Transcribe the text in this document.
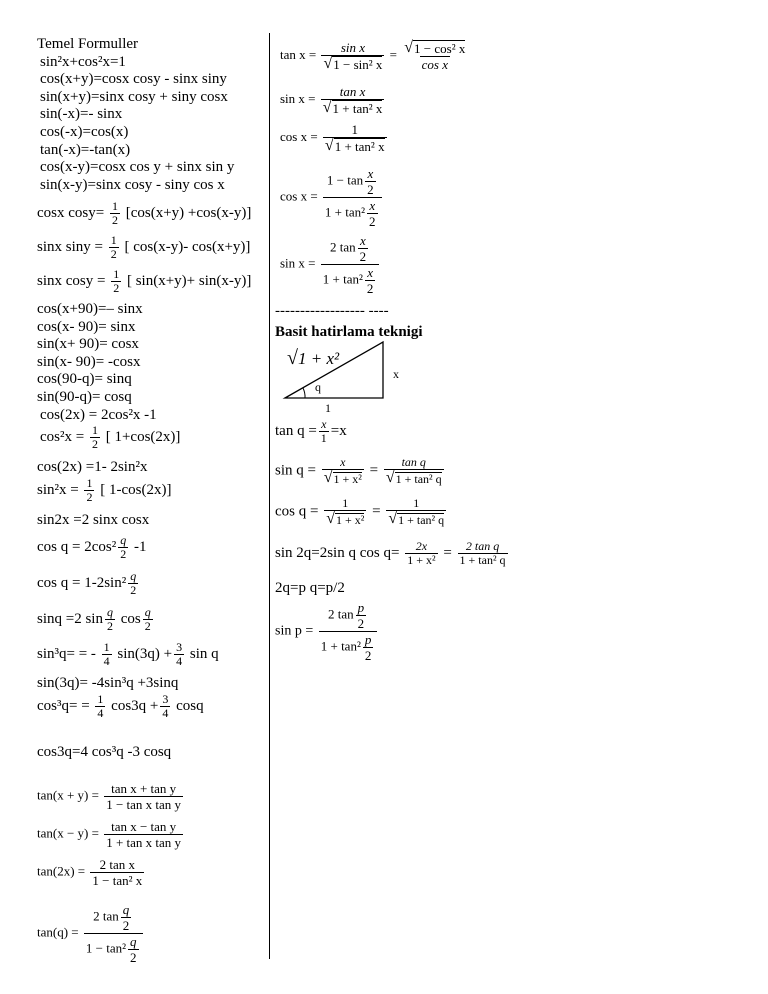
Temel Formuller
sin²x+cos²x=1
cos(x+y)=cosx cosy - sinx siny
sin(x+y)=sinx cosy + siny cosx
sin(-x)=- sinx
cos(-x)=cos(x)
tan(-x)=-tan(x)
cos(x-y)=cosx cos y + sinx sin y
sin(x-y)=sinx cosy - siny cos x
cosx $\cos y= \frac{1}{2} [\cos(x+y) +\cos(x-y)]$
sinx $\sin y = \frac{1}{2}$ [ cos(x-y)- cos(x+y)]
sinx $\cos y = \frac{1}{2}$ [ sin(x+y)+ sin(x-y)]
cos(x+90)=– sinx
cos(x- 90)= sinx
sin(x+ 90)= cosx
sin(x- 90)= -cosx
cos(90-q)= sinq
sin(90-q)= cosq
cos(2x) = 2cos²x -1
$\cos^2x = \frac{1}{2}$ [ 1+cos(2x)]
cos(2x) =1- 2sin²x
$\sin^2x = \frac{1}{2}$ [ 1-cos(2x)]
sin2x =2 sinx cosx
$\cos q = 2\cos^2 \frac{q}{2} -1$
$\cos q = 1-2\sin^2 \frac{q}{2}$
sinq =2 $\sin \frac{q}{2}$ $\cos \frac{q}{2}$
sin³q= = - $\frac{1}{4} \sin(3q) + \frac{3}{4}$ sin q
sin(3q)= -4sin³q +3sinq
$\cos^3q= = \frac{1}{4} \cos 3q + \frac{3}{4}$ cosq
cos3q=4 cos³q -3 cosq
$\tan(x + y) = \frac{\text{tan x + tan y}}{\text{1 − tan x tan y}}$
$\tan(x - y) = \frac{\text{tan x − tan y}}{\text{1 + tan x tan y}}$
$\tan(2x) = \frac{\text{2 tan x}}{\text{1 − tan² x}}$
$\tan(q) = \frac{2 \tan \frac{q}{2}}{1 - \tan^2 \frac{q}{2}}$
$\tan x = \frac{\text{sin x}}{\text{√ 1 − sin² x}} = \frac{\text{√ 1 − cos² x}}{\text{cos x}}$
$\sin x = \frac{\text{tan x}}{\text{√ 1 + tan² x}}$
$\cos x = \frac{1}{\text{√ 1 + tan² x}}$
$\cos x = \frac{1 - \tan \frac{x}{2}}{1 + \tan^2 \frac{x}{2}}$
$\sin x = \frac{2 \tan \frac{x}{2}}{1 + \tan^2 \frac{x}{2}}$
------------------ ----
Basit hatirlama teknigi
√1 + x²
q
x
1
$\tan q = \frac{x}{1} =x$
$\sin q = \frac{x}{\text{√ 1 + x²}} = \frac{\text{tan q}}{\text{√ 1 + tan² q}}$
$\cos q = \frac{1}{\text{√ 1 + x²}} = \frac{1}{\text{√ 1 + tan² q}}$
sin 2q=2sin q $\cos q= \frac{2x}{\text{1 + x²}} = \frac{\text{2 tan q}}{\text{1 + tan² q}}$
2q=p q=p/2
$\sin p = \frac{2 \tan \frac{p}{2}}{1 + \tan^2 \frac{p}{2}}$
